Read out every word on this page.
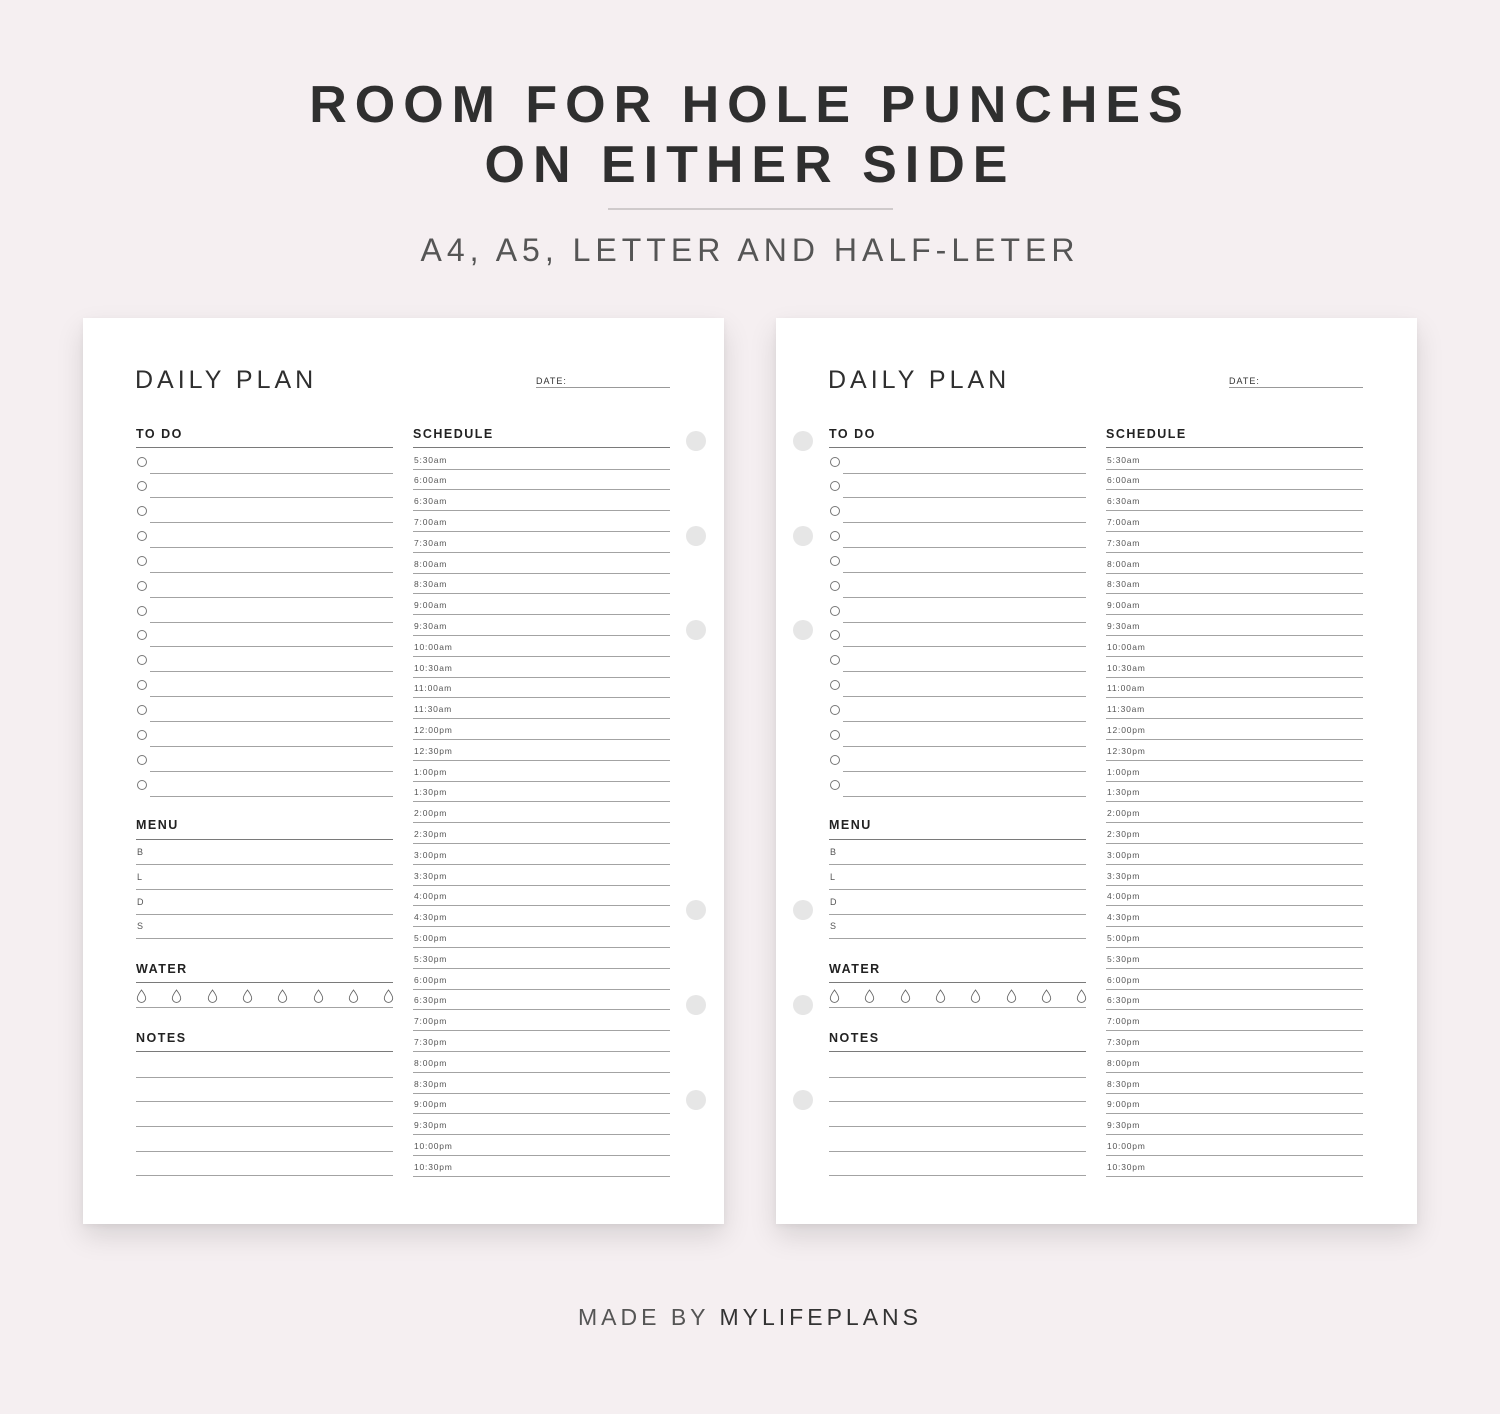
ROOM FOR HOLE PUNCHES
ON EITHER SIDE
A4, A5, LETTER AND HALF-LETER
DAILY PLAN	DATE:
TO DO
MENU
B
L
D
S
WATER
NOTES
SCHEDULE
5:30am
6:00am
6:30am
7:00am
7:30am
8:00am
8:30am
9:00am
9:30am
10:00am
10:30am
11:00am
11:30am
12:00pm
12:30pm
1:00pm
1:30pm
2:00pm
2:30pm
3:00pm
3:30pm
4:00pm
4:30pm
5:00pm
5:30pm
6:00pm
6:30pm
7:00pm
7:30pm
8:00pm
8:30pm
9:00pm
9:30pm
10:00pm
10:30pm
DAILY PLAN	DATE:
TO DO
MENU
B
L
D
S
WATER
NOTES
SCHEDULE
5:30am
6:00am
6:30am
7:00am
7:30am
8:00am
8:30am
9:00am
9:30am
10:00am
10:30am
11:00am
11:30am
12:00pm
12:30pm
1:00pm
1:30pm
2:00pm
2:30pm
3:00pm
3:30pm
4:00pm
4:30pm
5:00pm
5:30pm
6:00pm
6:30pm
7:00pm
7:30pm
8:00pm
8:30pm
9:00pm
9:30pm
10:00pm
10:30pm
MADE BY MYLIFEPLANS
